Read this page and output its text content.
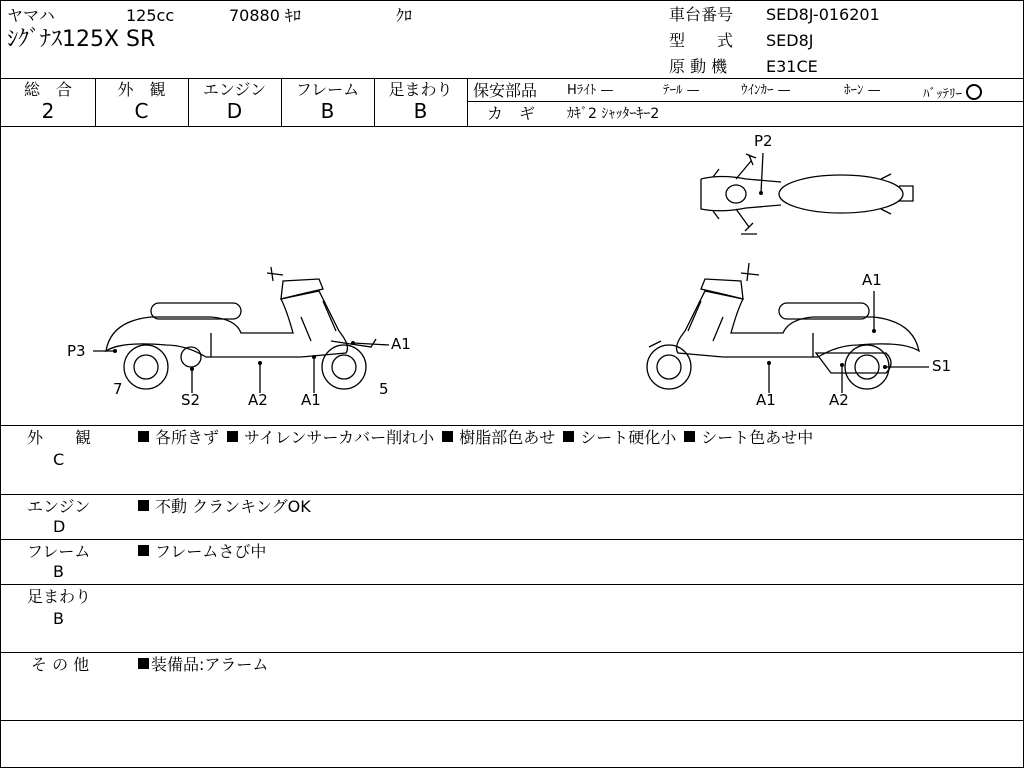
ヤマハ	125cc	70880 ｷﾛ	ｸﾛ
ｼｸﾞﾅｽ125X SR
車台番号 SED8J-016201
型　　式 SED8J
原 動 機 E31CE
総　合
2
外　観
C
エンジン
D
フレーム
B
足まわり
B
保安部品 Hﾗｲﾄ —	ﾃｰﾙ —	ｳｲﾝｶｰ —	ﾎｰﾝ —	ﾊﾞｯﾃﾘｰ
カ　ギ ｶｷﾞ2 ｼｬｯﾀｰｷｰ2
P2
P3
7
S2	A2 A1
A1
5
A1
S1
A1	A2
外　　観
C
各所きず サイレンサーカバー削れ小 樹脂部色あせ シート硬化小 シート色あせ中
エンジン
D
不動 クランキングOK
フレーム
B
フレームさび中
足まわり
B
そ の 他	装備品:アラーム
